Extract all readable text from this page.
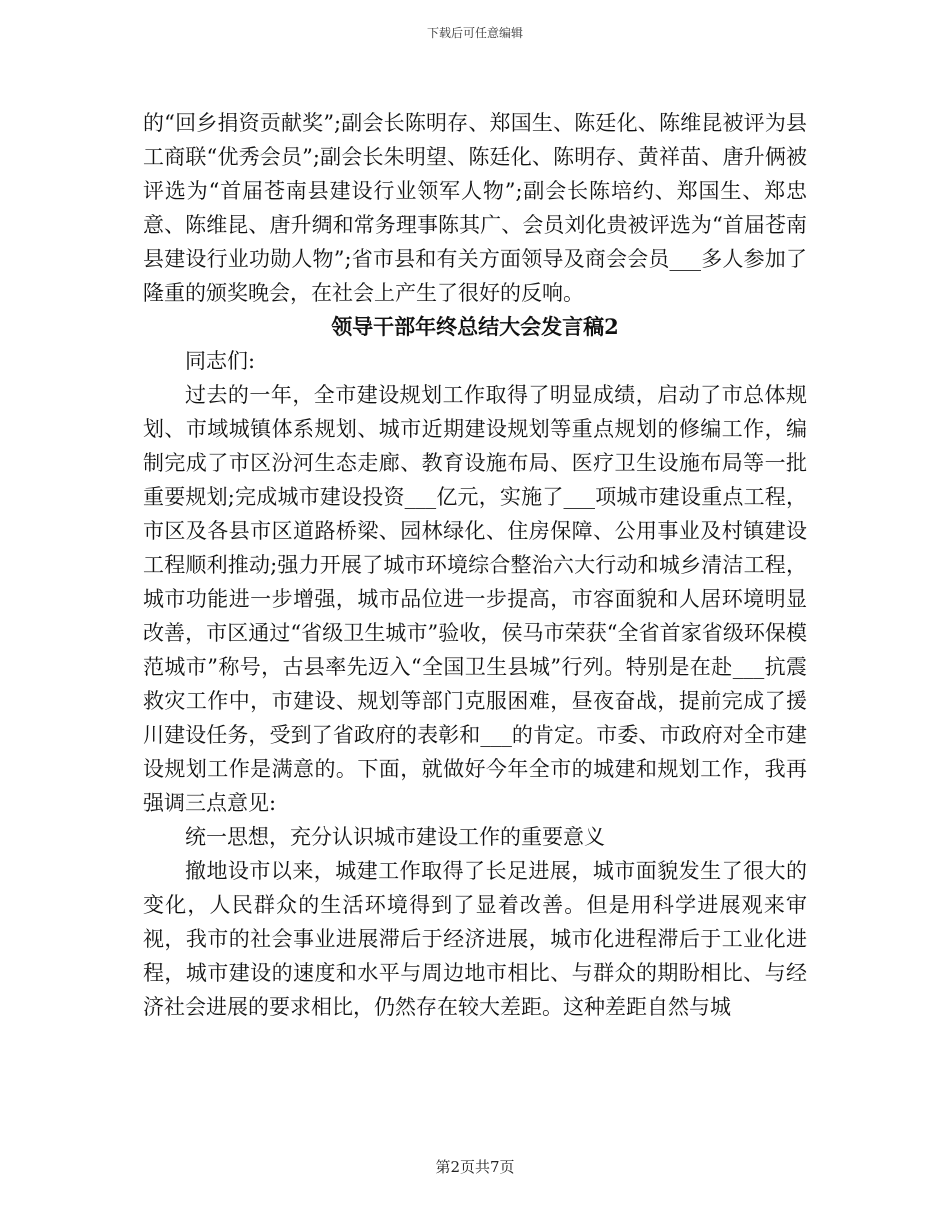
下载后可任意编辑

的“回乡捐资贡献奖”;副会长陈明存、郑国生、陈廷化、陈维昆被评为县工商联“优秀会员”;副会长朱明望、陈廷化、陈明存、黄祥苗、唐升俩被评选为“首届苍南县建设行业领军人物”;副会长陈培约、郑国生、郑忠意、陈维昆、唐升绸和常务理事陈其广、会员刘化贵被评选为“首届苍南县建设行业功勋人物”;省市县和有关方面领导及商会会员___多人参加了隆重的颁奖晚会，在社会上产生了很好的反响。

领导干部年终总结大会发言稿2

同志们:

过去的一年，全市建设规划工作取得了明显成绩，启动了市总体规划、市域城镇体系规划、城市近期建设规划等重点规划的修编工作，编制完成了市区汾河生态走廊、教育设施布局、医疗卫生设施布局等一批重要规划;完成城市建设投资___亿元，实施了___项城市建设重点工程，市区及各县市区道路桥梁、园林绿化、住房保障、公用事业及村镇建设工程顺利推动;强力开展了城市环境综合整治六大行动和城乡清洁工程，城市功能进一步增强，城市品位进一步提高，市容面貌和人居环境明显改善，市区通过“省级卫生城市”验收，侯马市荣获“全省首家省级环保模范城市”称号，古县率先迈入“全国卫生县城”行列。特别是在赴___抗震救灾工作中，市建设、规划等部门克服困难，昼夜奋战，提前完成了援川建设任务，受到了省政府的表彰和___的肯定。市委、市政府对全市建设规划工作是满意的。下面，就做好今年全市的城建和规划工作，我再强调三点意见:

统一思想，充分认识城市建设工作的重要意义

撤地设市以来，城建工作取得了长足进展，城市面貌发生了很大的变化，人民群众的生活环境得到了显着改善。但是用科学进展观来审视，我市的社会事业进展滞后于经济进展，城市化进程滞后于工业化进程，城市建设的速度和水平与周边地市相比、与群众的期盼相比、与经济社会进展的要求相比，仍然存在较大差距。这种差距自然与城

第2页共7页
